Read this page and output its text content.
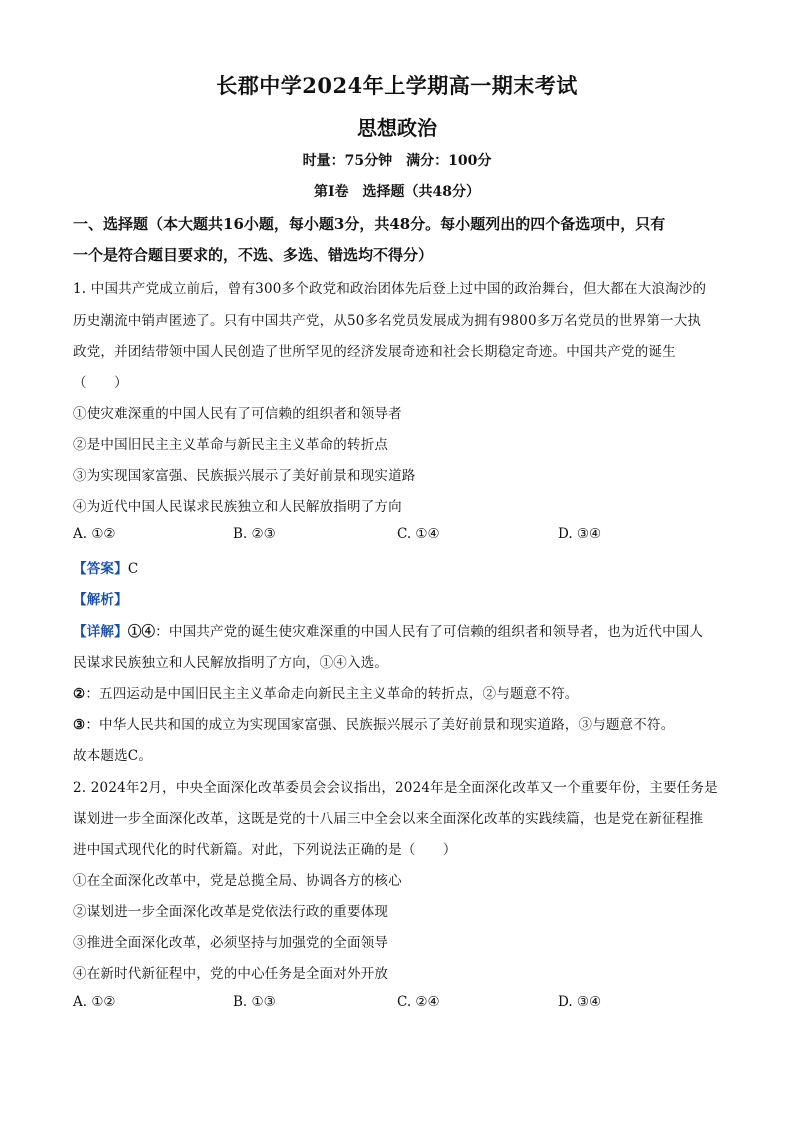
长郡中学2024年上学期高一期末考试
思想政治
时量：75分钟　满分：100分
第Ⅰ卷　选择题（共48分）
一、选择题（本大题共16小题，每小题3分，共48分。每小题列出的四个备选项中，只有
一个是符合题目要求的，不选、多选、错选均不得分）
1. 中国共产党成立前后，曾有300多个政党和政治团体先后登上过中国的政治舞台，但大都在大浪淘沙的
历史潮流中销声匿迹了。只有中国共产党，从50多名党员发展成为拥有9800多万名党员的世界第一大执
政党，并团结带领中国人民创造了世所罕见的经济发展奇迹和社会长期稳定奇迹。中国共产党的诞生
（　　）
①使灾难深重的中国人民有了可信赖的组织者和领导者
②是中国旧民主主义革命与新民主主义革命的转折点
③为实现国家富强、民族振兴展示了美好前景和现实道路
④为近代中国人民谋求民族独立和人民解放指明了方向
A. ①②	B. ②③	C. ①④	D. ③④
【答案】C
【解析】
【详解】①④：中国共产党的诞生使灾难深重的中国人民有了可信赖的组织者和领导者，也为近代中国人
民谋求民族独立和人民解放指明了方向，①④入选。
②：五四运动是中国旧民主主义革命走向新民主主义革命的转折点，②与题意不符。
③：中华人民共和国的成立为实现国家富强、民族振兴展示了美好前景和现实道路，③与题意不符。
故本题选C。
2. 2024年2月，中央全面深化改革委员会会议指出，2024年是全面深化改革又一个重要年份，主要任务是
谋划进一步全面深化改革，这既是党的十八届三中全会以来全面深化改革的实践续篇，也是党在新征程推
进中国式现代化的时代新篇。对此，下列说法正确的是（　　）
①在全面深化改革中，党是总揽全局、协调各方的核心
②谋划进一步全面深化改革是党依法行政的重要体现
③推进全面深化改革，必须坚持与加强党的全面领导
④在新时代新征程中，党的中心任务是全面对外开放
A. ①②	B. ①③	C. ②④	D. ③④
